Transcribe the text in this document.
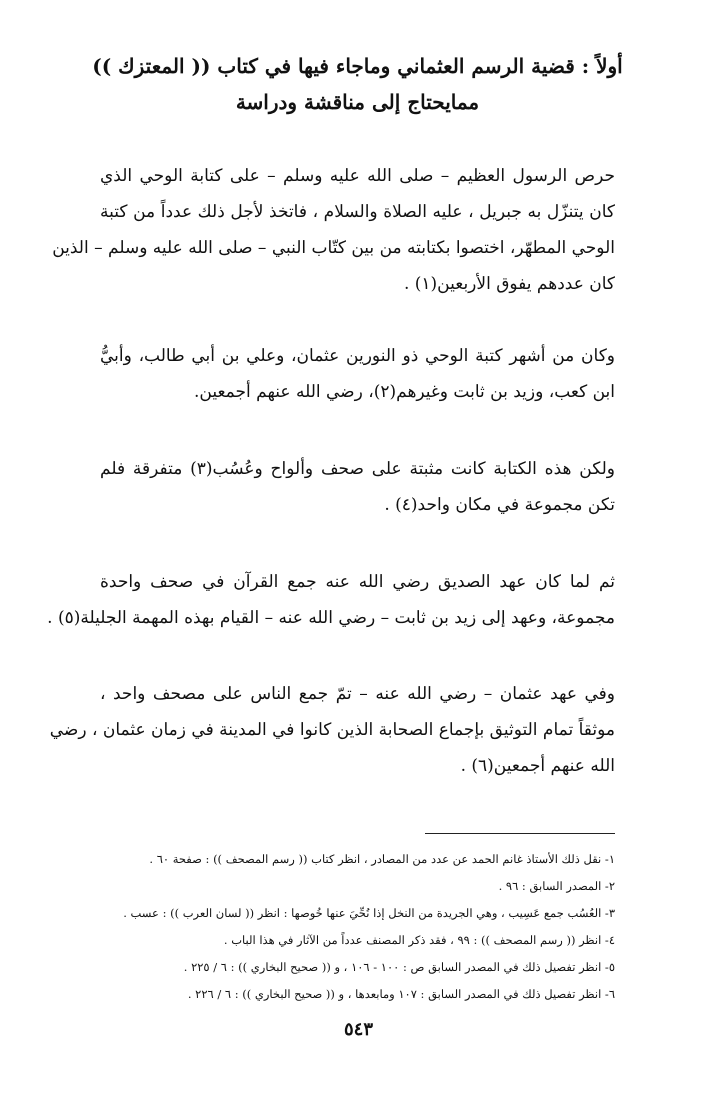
أولاً : قضية الرسم العثماني وماجاء فيها في كتاب (( المعتزك ))
ممايحتاج إلى مناقشة ودراسة
حرص الرسول العظيم – صلى الله عليه وسلم – على كتابة الوحي الذي
كان يتنزّل به جبريل ، عليه الصلاة والسلام ، فاتخذ لأجل ذلك عدداً من كتبة
الوحي المطهّر، اختصوا بكتابته من بين كتّاب النبي – صلى الله عليه وسلم – الذين
كان عددهم يفوق الأربعين(١) .
وكان من أشهر كتبة الوحي ذو النورين عثمان، وعلي بن أبي طالب، وأبيُّ
ابن كعب، وزيد بن ثابت وغيرهم(٢)، رضي الله عنهم أجمعين.
ولكن هذه الكتابة كانت مثبتة على صحف وألواح وعُسُب(٣) متفرقة فلم
تكن مجموعة في مكان واحد(٤) .
ثم لما كان عهد الصديق رضي الله عنه جمع القرآن في صحف واحدة
مجموعة، وعهد إلى زيد بن ثابت – رضي الله عنه – القيام بهذه المهمة الجليلة(٥) .
وفي عهد عثمان – رضي الله عنه – تمّ جمع الناس على مصحف واحد ،
موثقاً تمام التوثيق بإجماع الصحابة الذين كانوا في المدينة في زمان عثمان ، رضي
الله عنهم أجمعين(٦) .
١- نقل ذلك الأستاذ غانم الحمد عن عدد من المصادر ، انظر كتاب (( رسم المصحف )) : صفحة ٦٠ .
٢- المصدر السابق : ٩٦ .
٣- العُسُب جمع عَسِيب ، وهي الجريدة من النخل إذا نُحِّيَ عنها خُوصها : انظر (( لسان العرب )) : عسب .
٤- انظر (( رسم المصحف )) : ٩٩ ، فقد ذكر المصنف عدداً من الآثار في هذا الباب .
٥- انظر تفصيل ذلك في المصدر السابق ص : ١٠٠ - ١٠٦ ، و (( صحيح البخاري )) : ٦ / ٢٢٥ .
٦- انظر تفصيل ذلك في المصدر السابق : ١٠٧ ومابعدها ، و (( صحيح البخاري )) : ٦ / ٢٢٦ .
٥٤٣
